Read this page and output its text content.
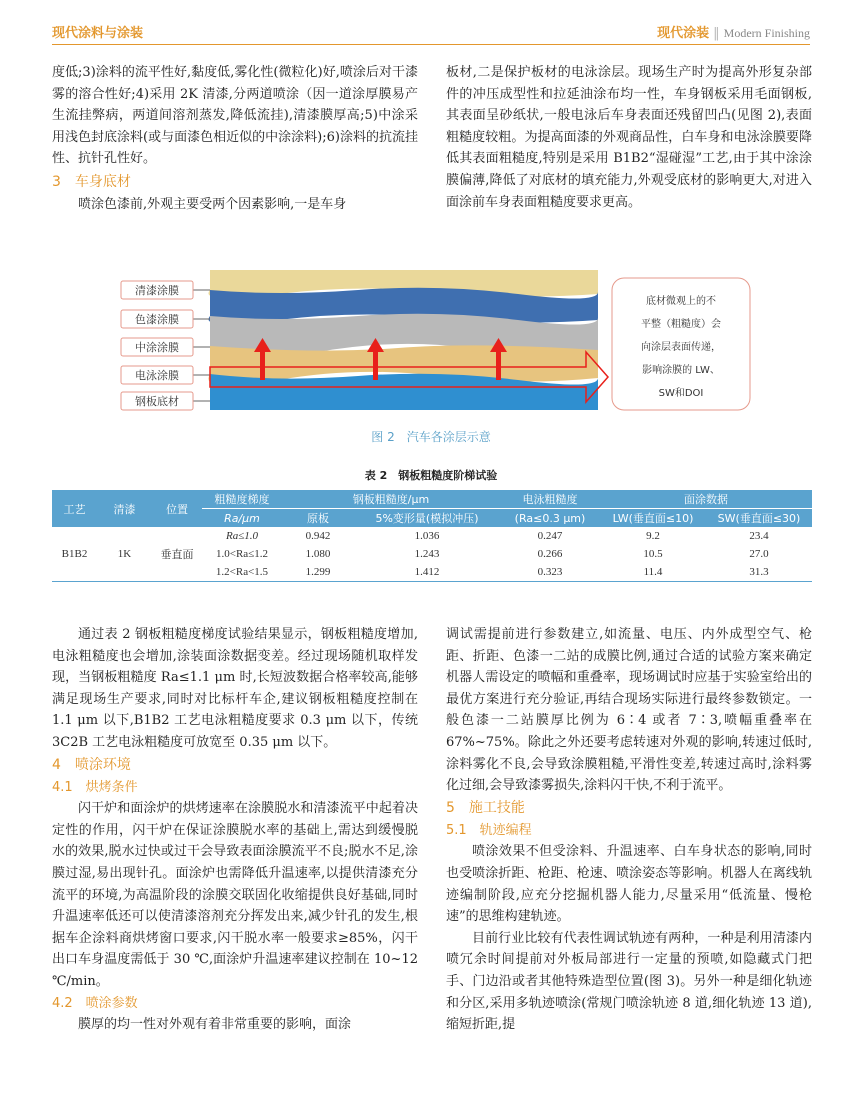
现代涂料与涂装	现代涂装 ‖ Modern Finishing

度低;3)涂料的流平性好,黏度低,雾化性(微粒化)好,喷涂后对干漆雾的溶合性好;4)采用 2K 清漆,分两道喷涂（因一道涂厚膜易产生流挂弊病，两道间溶剂蒸发,降低流挂),清漆膜厚高;5)中涂采用浅色封底涂料(或与面漆色相近似的中涂涂料);6)涂料的抗流挂性、抗针孔性好。

3　车身底材

喷涂色漆前,外观主要受两个因素影响,一是车身

板材,二是保护板材的电泳涂层。现场生产时为提高外形复杂部件的冲压成型性和拉延油涂布均一性，车身钢板采用毛面钢板,其表面呈砂纸状,一般电泳后车身表面还残留凹凸(见图 2),表面粗糙度较粗。为提高面漆的外观商品性，白车身和电泳涂膜要降低其表面粗糙度,特别是采用 B1B2“湿碰湿”工艺,由于其中涂涂膜偏薄,降低了对底材的填充能力,外观受底材的影响更大,对进入面涂前车身表面粗糙度要求更高。

清漆涂膜
色漆涂膜
中涂涂膜
电泳涂膜
钢板底材
底材微观上的不
平整（粗糙度）会
向涂层表面传递，
影响涂膜的 LW、
SW和DOI
图 2　汽车各涂层示意
表 2　钢板粗糙度阶梯试验
工艺	清漆	位置	粗糙度梯度	钢板粗糙度/μm		电泳粗糙度	面涂数据	
			Ra/μm	原板	5%变形量(模拟冲压)	(Ra≤0.3 μm)	LW(垂直面≤10)	SW(垂直面≤30)
B1B2	1K	垂直面	Ra≤1.0	0.942	1.036	0.247	9.2	23.4
			1.0<Ra≤1.2	1.080	1.243	0.266	10.5	27.0
			1.2<Ra<1.5	1.299	1.412	0.323	11.4	31.3

通过表 2 钢板粗糙度梯度试验结果显示，钢板粗糙度增加,电泳粗糙度也会增加,涂装面涂数据变差。经过现场随机取样发现，当钢板粗糙度 Ra≤1.1 μm 时,长短波数据合格率较高,能够满足现场生产要求,同时对比标杆车企,建议钢板粗糙度控制在 1.1 μm 以下,B1B2 工艺电泳粗糙度要求 0.3 μm 以下，传统 3C2B 工艺电泳粗糙度可放宽至 0.35 μm 以下。

4　喷涂环境

4.1　烘烤条件

闪干炉和面涂炉的烘烤速率在涂膜脱水和清漆流平中起着决定性的作用，闪干炉在保证涂膜脱水率的基础上,需达到缓慢脱水的效果,脱水过快或过干会导致表面涂膜流平不良;脱水不足,涂膜过湿,易出现针孔。面涂炉也需降低升温速率,以提供清漆充分流平的环境,为高温阶段的涂膜交联固化收缩提供良好基础,同时升温速率低还可以使清漆溶剂充分挥发出来,减少针孔的发生,根据车企涂料商烘烤窗口要求,闪干脱水率一般要求≥85%，闪干出口车身温度需低于 30 ℃,面涂炉升温速率建议控制在 10~12 ℃/min。

4.2　喷涂参数

膜厚的均一性对外观有着非常重要的影响，面涂

调试需提前进行参数建立,如流量、电压、内外成型空气、枪距、折距、色漆一二站的成膜比例,通过合适的试验方案来确定机器人需设定的喷幅和重叠率，现场调试时应基于实验室给出的最优方案进行充分验证,再结合现场实际进行最终参数锁定。一般色漆一二站膜厚比例为 6∶4 或者 7∶3,喷幅重叠率在 67%~75%。除此之外还要考虑转速对外观的影响,转速过低时,涂料雾化不良,会导致涂膜粗糙,平滑性变差,转速过高时,涂料雾化过细,会导致漆雾损失,涂料闪干快,不利于流平。

5　施工技能

5.1　轨迹编程

喷涂效果不但受涂料、升温速率、白车身状态的影响,同时也受喷涂折距、枪距、枪速、喷涂姿态等影响。机器人在离线轨迹编制阶段,应充分挖掘机器人能力,尽量采用“低流量、慢枪速”的思维构建轨迹。

目前行业比较有代表性调试轨迹有两种，一种是利用清漆内喷冗余时间提前对外板局部进行一定量的预喷,如隐藏式门把手、门边沿或者其他特殊造型位置(图 3)。另外一种是细化轨迹和分区,采用多轨迹喷涂(常规门喷涂轨迹 8 道,细化轨迹 13 道),缩短折距,提
